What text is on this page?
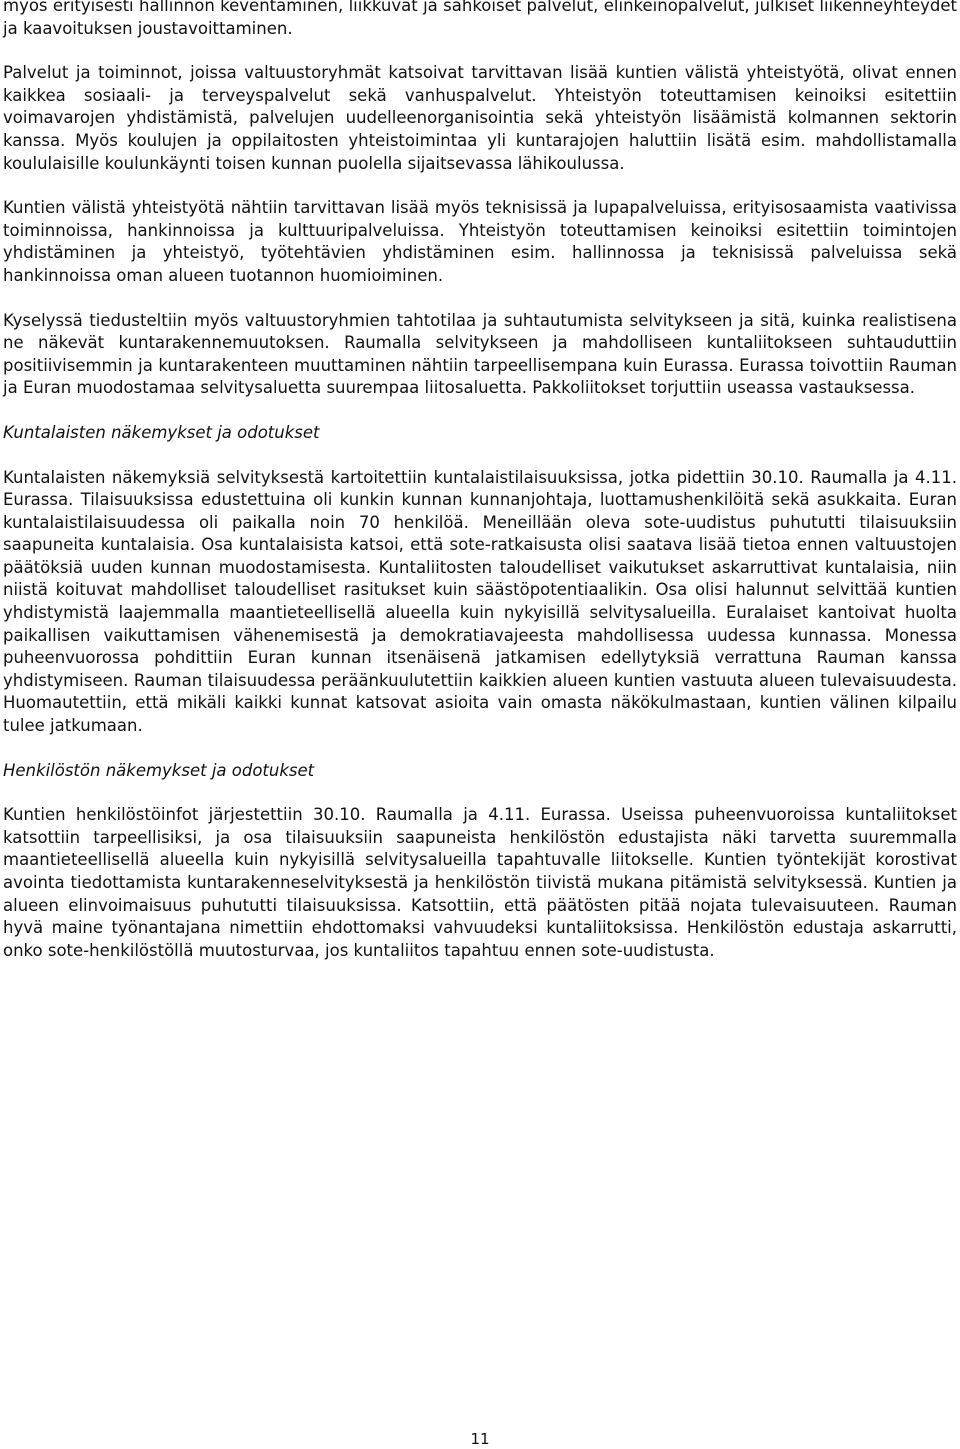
myös erityisesti hallinnon keventäminen, liikkuvat ja sähköiset palvelut, elinkeinopalvelut, julkiset liikenneyhteydet ja kaavoituksen joustavoittaminen.

Palvelut ja toiminnot, joissa valtuustoryhmät katsoivat tarvittavan lisää kuntien välistä yhteistyötä, olivat ennen kaikkea sosiaali- ja terveyspalvelut sekä vanhuspalvelut. Yhteistyön toteuttamisen keinoiksi esitettiin voimavarojen yhdistämistä, palvelujen uudelleenorganisointia sekä yhteistyön lisäämistä kolmannen sektorin kanssa. Myös koulujen ja oppilaitosten yhteistoimintaa yli kuntarajojen haluttiin lisätä esim. mahdollistamalla koululaisille koulunkäynti toisen kunnan puolella sijaitsevassa lähikoulussa.

Kuntien välistä yhteistyötä nähtiin tarvittavan lisää myös teknisissä ja lupapalveluissa, erityisosaamista vaativissa toiminnoissa, hankinnoissa ja kulttuuripalveluissa. Yhteistyön toteuttamisen keinoiksi esitettiin toimintojen yhdistäminen ja yhteistyö, työtehtävien yhdistäminen esim. hallinnossa ja teknisissä palveluissa sekä hankinnoissa oman alueen tuotannon huomioiminen.

Kyselyssä tiedusteltiin myös valtuustoryhmien tahtotilaa ja suhtautumista selvitykseen ja sitä, kuinka realistisena ne näkevät kuntarakennemuutoksen. Raumalla selvitykseen ja mahdolliseen kuntaliitokseen suhtauduttiin positiivisemmin ja kuntarakenteen muuttaminen nähtiin tarpeellisempana kuin Eurassa. Eurassa toivottiin Rauman ja Euran muodostamaa selvitysaluetta suurempaa liitosaluetta. Pakkoliitokset torjuttiin useassa vastauksessa.

Kuntalaisten näkemykset ja odotukset

Kuntalaisten näkemyksiä selvityksestä kartoitettiin kuntalaistilaisuuksissa, jotka pidettiin 30.10. Raumalla ja 4.11. Eurassa. Tilaisuuksissa edustettuina oli kunkin kunnan kunnanjohtaja, luottamushenkilöitä sekä asukkaita. Euran kuntalaistilaisuudessa oli paikalla noin 70 henkilöä. Meneillään oleva sote-uudistus puhututti tilaisuuksiin saapuneita kuntalaisia. Osa kuntalaisista katsoi, että sote-ratkaisusta olisi saatava lisää tietoa ennen valtuustojen päätöksiä uuden kunnan muodostamisesta. Kuntaliitosten taloudelliset vaikutukset askarruttivat kuntalaisia, niin niistä koituvat mahdolliset taloudelliset rasitukset kuin säästöpotentiaalikin. Osa olisi halunnut selvittää kuntien yhdistymistä laajemmalla maantieteellisellä alueella kuin nykyisillä selvitysalueilla. Euralaiset kantoivat huolta paikallisen vaikuttamisen vähenemisestä ja demokratiavajeesta mahdollisessa uudessa kunnassa. Monessa puheenvuorossa pohdittiin Euran kunnan itsenäisenä jatkamisen edellytyksiä verrattuna Rauman kanssa yhdistymiseen. Rauman tilaisuudessa peräänkuulutettiin kaikkien alueen kuntien vastuuta alueen tulevaisuudesta. Huomautettiin, että mikäli kaikki kunnat katsovat asioita vain omasta näkökulmastaan, kuntien välinen kilpailu tulee jatkumaan.

Henkilöstön näkemykset ja odotukset

Kuntien henkilöstöinfot järjestettiin 30.10. Raumalla ja 4.11. Eurassa. Useissa puheenvuoroissa kuntaliitokset katsottiin tarpeellisiksi, ja osa tilaisuuksiin saapuneista henkilöstön edustajista näki tarvetta suuremmalla maantieteellisellä alueella kuin nykyisillä selvitysalueilla tapahtuvalle liitokselle. Kuntien työntekijät korostivat avointa tiedottamista kuntarakenneselvityksestä ja henkilöstön tiivistä mukana pitämistä selvityksessä. Kuntien ja alueen elinvoimaisuus puhututti tilaisuuksissa. Katsottiin, että päätösten pitää nojata tulevaisuuteen. Rauman hyvä maine työnantajana nimettiin ehdottomaksi vahvuudeksi kuntaliitoksissa. Henkilöstön edustaja askarrutti, onko sote-henkilöstöllä muutosturvaa, jos kuntaliitos tapahtuu ennen sote-uudistusta.

11
